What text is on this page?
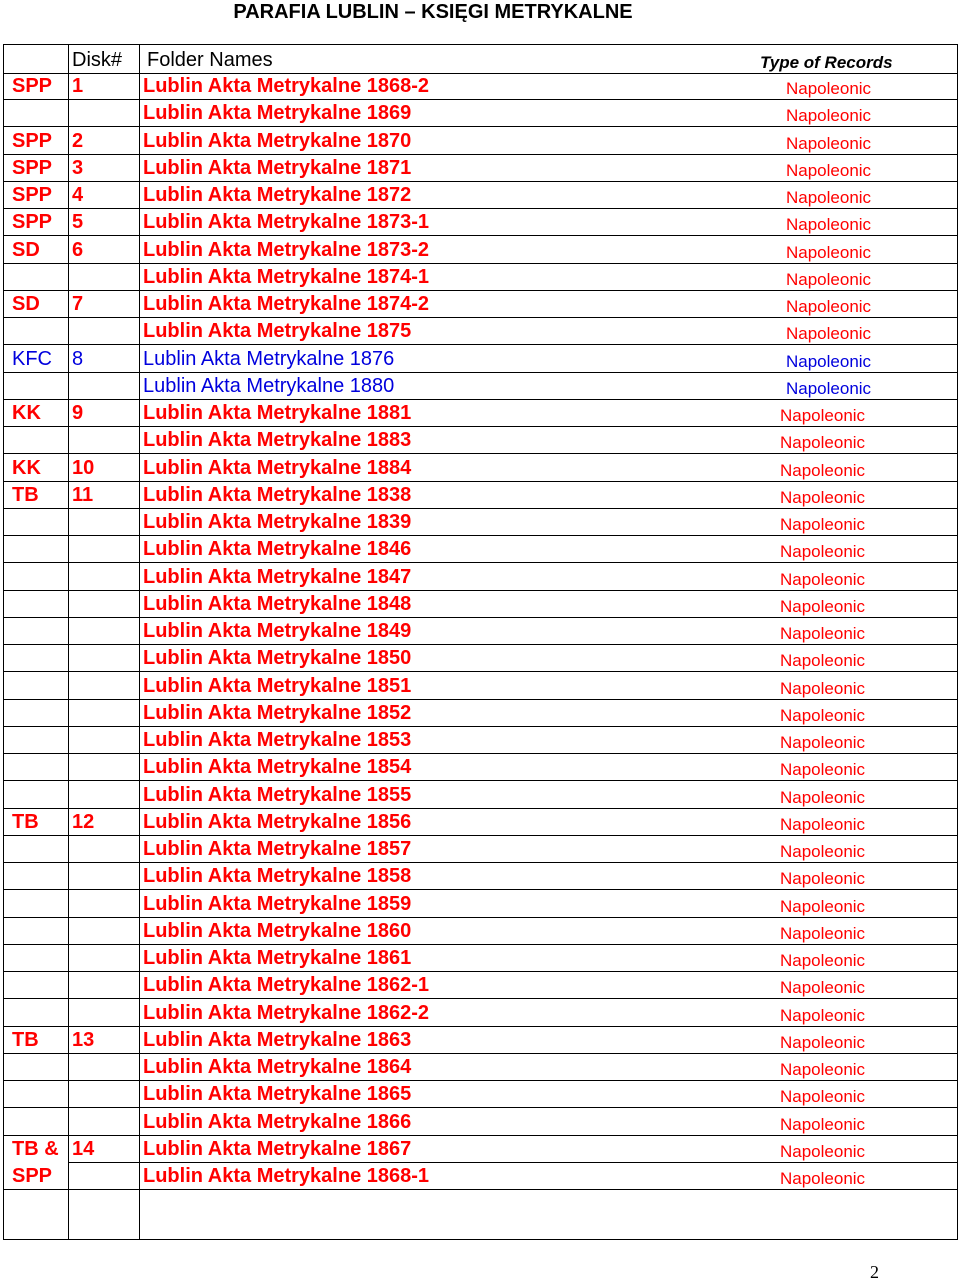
PARAFIA LUBLIN – KSIĘGI METRYKALNE
Disk# Folder Names	Type of Records
SPP 1	Lublin Akta Metrykalne 1868-2	Napoleonic
Lublin Akta Metrykalne 1869	Napoleonic
SPP 2	Lublin Akta Metrykalne 1870	Napoleonic
SPP 3	Lublin Akta Metrykalne 1871	Napoleonic
SPP 4	Lublin Akta Metrykalne 1872	Napoleonic
SPP 5	Lublin Akta Metrykalne 1873-1	Napoleonic
SD 6	Lublin Akta Metrykalne 1873-2	Napoleonic
Lublin Akta Metrykalne 1874-1	Napoleonic
SD 7	Lublin Akta Metrykalne 1874-2	Napoleonic
Lublin Akta Metrykalne 1875	Napoleonic
KFC 8	Lublin Akta Metrykalne 1876	Napoleonic
Lublin Akta Metrykalne 1880	Napoleonic
KK 9	Lublin Akta Metrykalne 1881	Napoleonic
Lublin Akta Metrykalne 1883	Napoleonic
KK 10 Lublin Akta Metrykalne 1884	Napoleonic
TB 11 Lublin Akta Metrykalne 1838	Napoleonic
Lublin Akta Metrykalne 1839	Napoleonic
Lublin Akta Metrykalne 1846	Napoleonic
Lublin Akta Metrykalne 1847	Napoleonic
Lublin Akta Metrykalne 1848	Napoleonic
Lublin Akta Metrykalne 1849	Napoleonic
Lublin Akta Metrykalne 1850	Napoleonic
Lublin Akta Metrykalne 1851	Napoleonic
Lublin Akta Metrykalne 1852	Napoleonic
Lublin Akta Metrykalne 1853	Napoleonic
Lublin Akta Metrykalne 1854	Napoleonic
Lublin Akta Metrykalne 1855	Napoleonic
TB 12 Lublin Akta Metrykalne 1856	Napoleonic
Lublin Akta Metrykalne 1857	Napoleonic
Lublin Akta Metrykalne 1858	Napoleonic
Lublin Akta Metrykalne 1859	Napoleonic
Lublin Akta Metrykalne 1860	Napoleonic
Lublin Akta Metrykalne 1861	Napoleonic
Lublin Akta Metrykalne 1862-1	Napoleonic
Lublin Akta Metrykalne 1862-2	Napoleonic
TB 13 Lublin Akta Metrykalne 1863	Napoleonic
Lublin Akta Metrykalne 1864	Napoleonic
Lublin Akta Metrykalne 1865	Napoleonic
Lublin Akta Metrykalne 1866	Napoleonic
TB & 14 Lublin Akta Metrykalne 1867	Napoleonic
SPP	Lublin Akta Metrykalne 1868-1	Napoleonic
2
